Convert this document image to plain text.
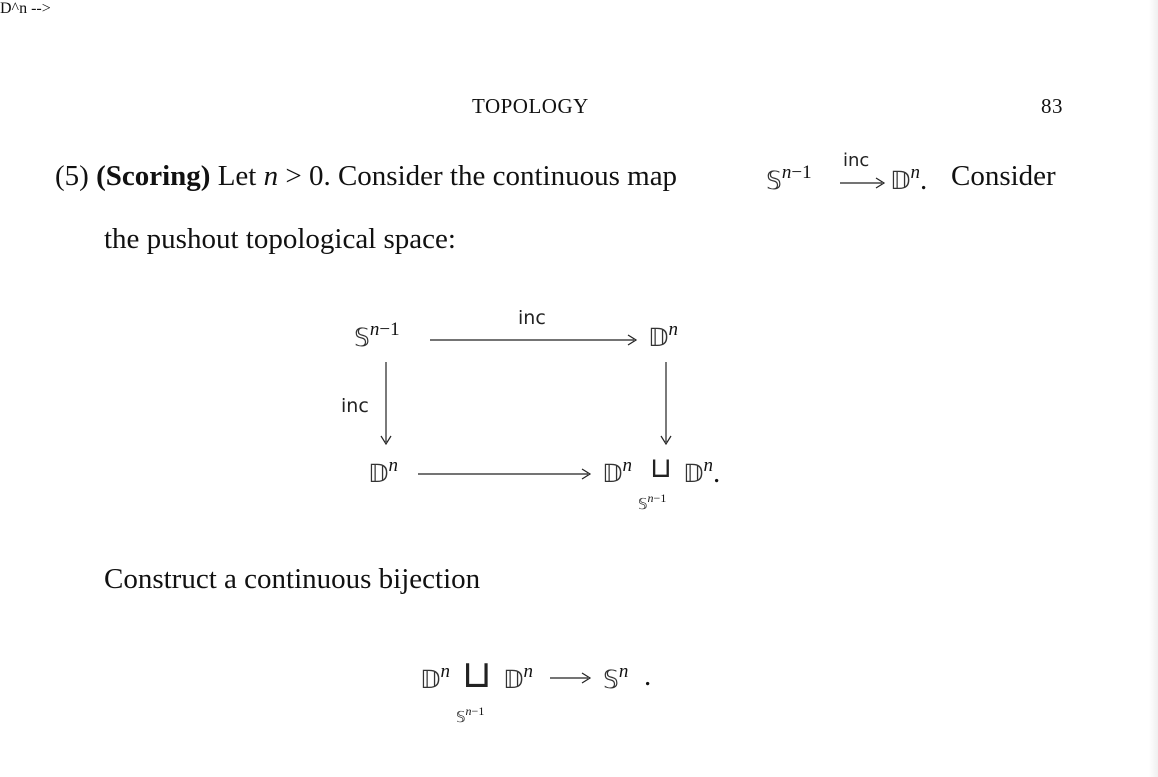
TOPOLOGY	83
(5) (Scoring) Let n > 0. Consider the continuous map
D^n -->
𝕊n−1
inc
𝔻n. Consider
the pushout topological space:
𝕊n−1	𝔻n
inc
inc
𝔻n	𝔻n ⊔ 𝔻n.
𝕊$^{n-1}$
Construct a continuous bijection
𝔻n ⊔ 𝔻n	𝕊n .
𝕊$^{n-1}$
